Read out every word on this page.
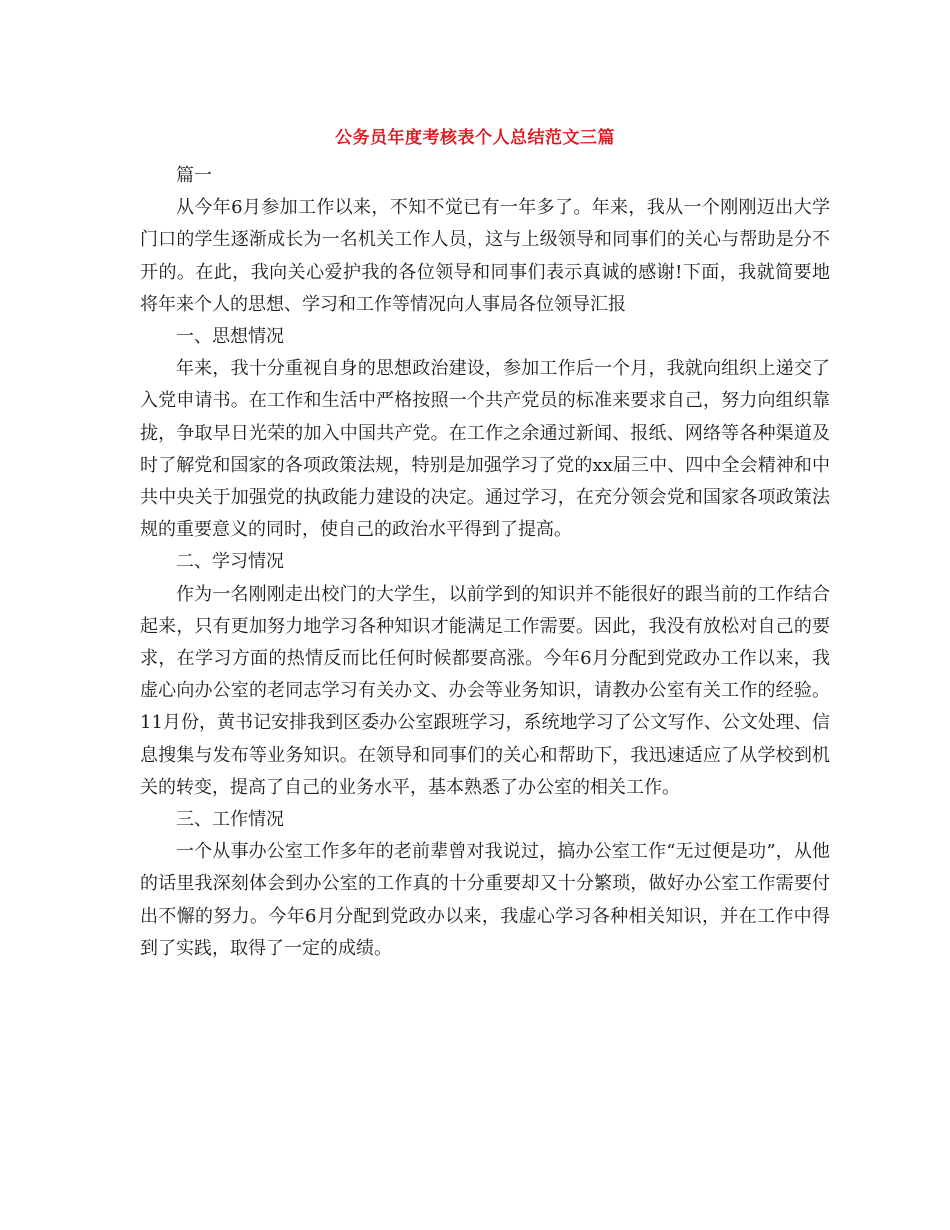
公务员年度考核表个人总结范文三篇

篇一

从今年6月参加工作以来，不知不觉已有一年多了。年来，我从一个刚刚迈出大学门口的学生逐渐成长为一名机关工作人员，这与上级领导和同事们的关心与帮助是分不开的。在此，我向关心爱护我的各位领导和同事们表示真诚的感谢!下面，我就简要地将年来个人的思想、学习和工作等情况向人事局各位领导汇报

一、思想情况

年来，我十分重视自身的思想政治建设，参加工作后一个月，我就向组织上递交了入党申请书。在工作和生活中严格按照一个共产党员的标准来要求自己，努力向组织靠拢，争取早日光荣的加入中国共产党。在工作之余通过新闻、报纸、网络等各种渠道及时了解党和国家的各项政策法规，特别是加强学习了党的xx届三中、四中全会精神和中共中央关于加强党的执政能力建设的决定。通过学习，在充分领会党和国家各项政策法规的重要意义的同时，使自己的政治水平得到了提高。

二、学习情况

作为一名刚刚走出校门的大学生，以前学到的知识并不能很好的跟当前的工作结合起来，只有更加努力地学习各种知识才能满足工作需要。因此，我没有放松对自己的要求，在学习方面的热情反而比任何时候都要高涨。今年6月分配到党政办工作以来，我虚心向办公室的老同志学习有关办文、办会等业务知识，请教办公室有关工作的经验。11月份，黄书记安排我到区委办公室跟班学习，系统地学习了公文写作、公文处理、信息搜集与发布等业务知识。在领导和同事们的关心和帮助下，我迅速适应了从学校到机关的转变，提高了自己的业务水平，基本熟悉了办公室的相关工作。

三、工作情况

一个从事办公室工作多年的老前辈曾对我说过，搞办公室工作“无过便是功”，从他的话里我深刻体会到办公室的工作真的十分重要却又十分繁琐，做好办公室工作需要付出不懈的努力。今年6月分配到党政办以来，我虚心学习各种相关知识，并在工作中得到了实践，取得了一定的成绩。
